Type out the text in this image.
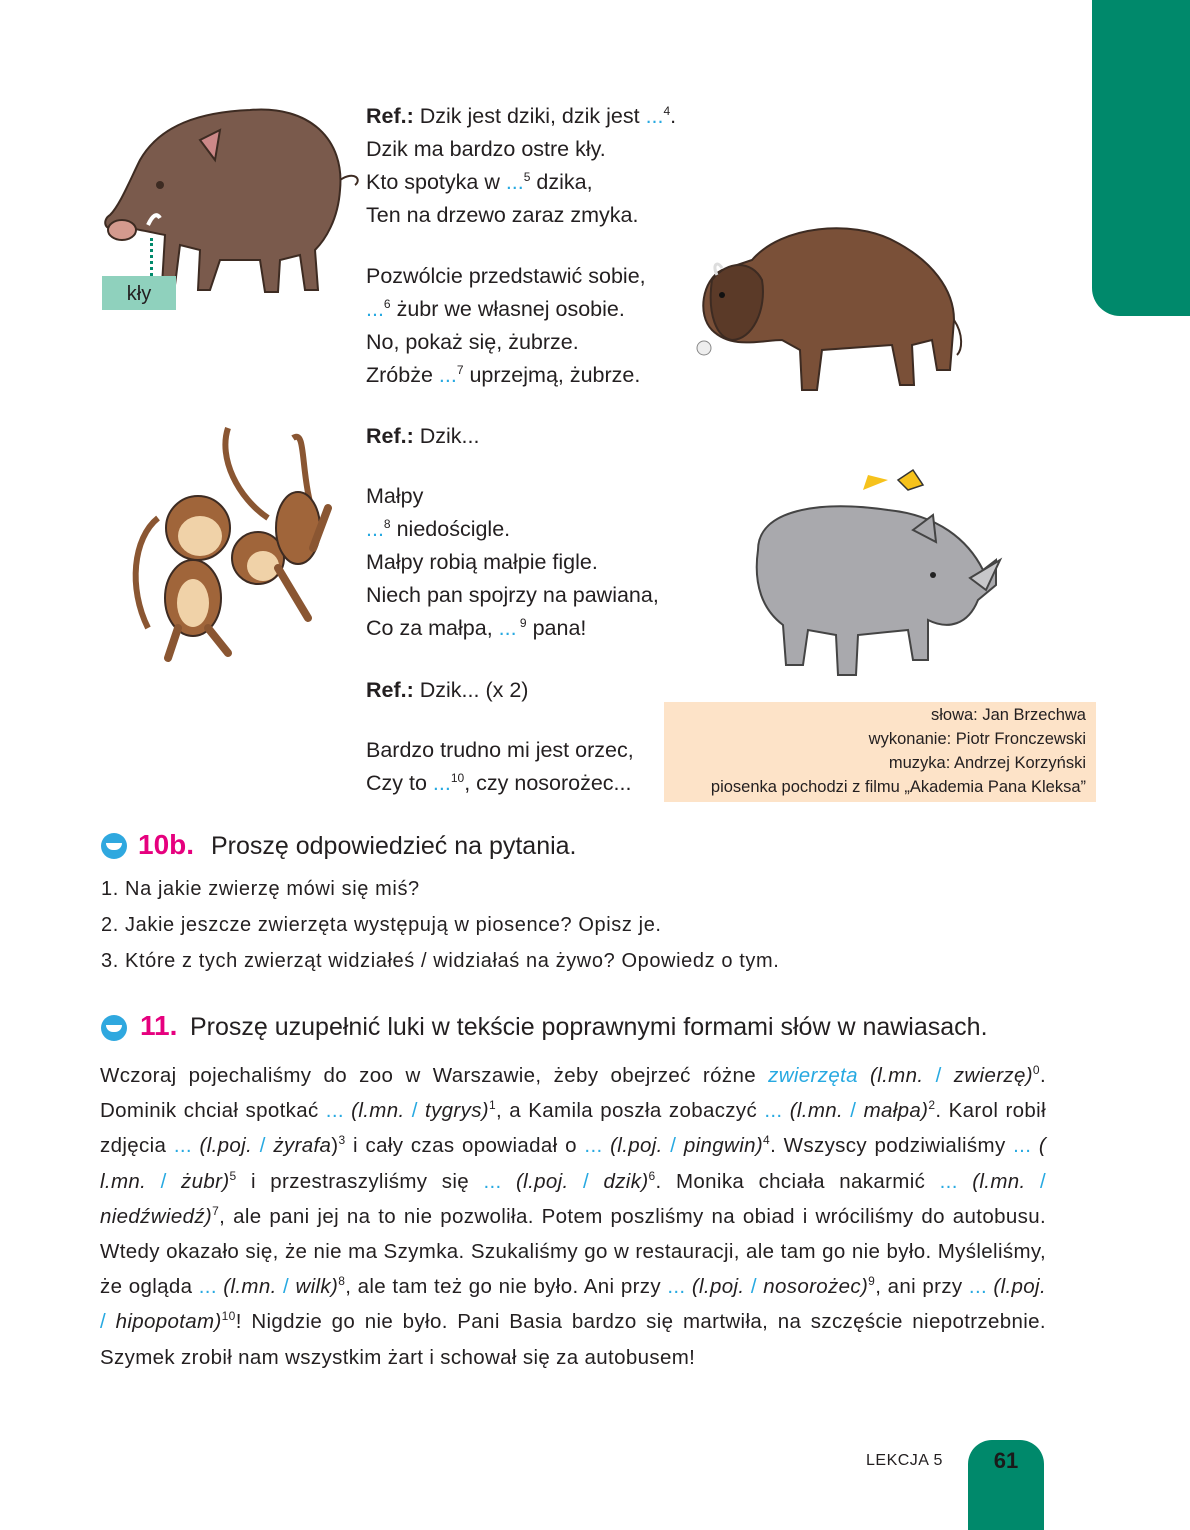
kły
Ref.: Dzik jest dziki, dzik jest ...$^4$.
Dzik ma bardzo ostre kły.
Kto spotyka w ...$^5$ dzika,
Ten na drzewo zaraz zmyka.
Pozwólcie przedstawić sobie,
...$^6$ żubr we własnej osobie.
No, pokaż się, żubrze.
Zróbże ...$^7$ uprzejmą, żubrze.
Ref.: Dzik...
Małpy
...$^8$ niedościgle.
Małpy robią małpie figle.
Niech pan spojrzy na pawiana,
Co za małpa, ... $^9$ pana!
Ref.: Dzik... (x 2)
Bardzo trudno mi jest orzec,
Czy to ...$^{10}$, czy nosorożec...
słowa: Jan Brzechwa
wykonanie: Piotr Fronczewski
muzyka: Andrzej Korzyński
piosenka pochodzi z filmu „Akademia Pana Kleksa”
10b. Proszę odpowiedzieć na pytania.
1. Na jakie zwierzę mówi się miś?
2. Jakie jeszcze zwierzęta występują w piosence? Opisz je.
3. Które z tych zwierząt widziałeś / widziałaś na żywo? Opowiedz o tym.
11. Proszę uzupełnić luki w tekście poprawnymi formami słów w nawiasach.
Wczoraj pojechaliśmy do zoo w Warszawie, żeby obejrzeć różne zwierzęta (l.mn. / zwierzę)$^0$. Dominik chciał spotkać ... (l.mn. / tygrys)$^1$, a Kamila poszła zobaczyć ... (l.mn. / małpa)$^2$. Karol robił zdjęcia ... (l.poj. / żyrafa)$^3$ i cały czas opowiadał o ... (l.poj. / pingwin)$^4$. Wszyscy podziwialiśmy ... ( l.mn. / żubr)$^5$ i przestraszyliśmy się ... (l.poj. / dzik)$^6$. Monika chciała nakarmić ... (l.mn. / niedźwiedź)$^7$, ale pani jej na to nie pozwoliła. Potem poszliśmy na obiad i wróciliśmy do autobusu. Wtedy okazało się, że nie ma Szymka. Szukaliśmy go w restauracji, ale tam go nie było. Myśleliśmy, że ogląda ... (l.mn. / wilk)$^8$, ale tam też go nie było. Ani przy ... (l.poj. / nosorożec)$^9$, ani przy ... (l.poj. / hipopotam)$^{10}$! Nigdzie go nie było. Pani Basia bardzo się martwiła, na szczęście niepotrzebnie. Szymek zrobił nam wszystkim żart i schował się za autobusem!
LEKCJA 5	61
